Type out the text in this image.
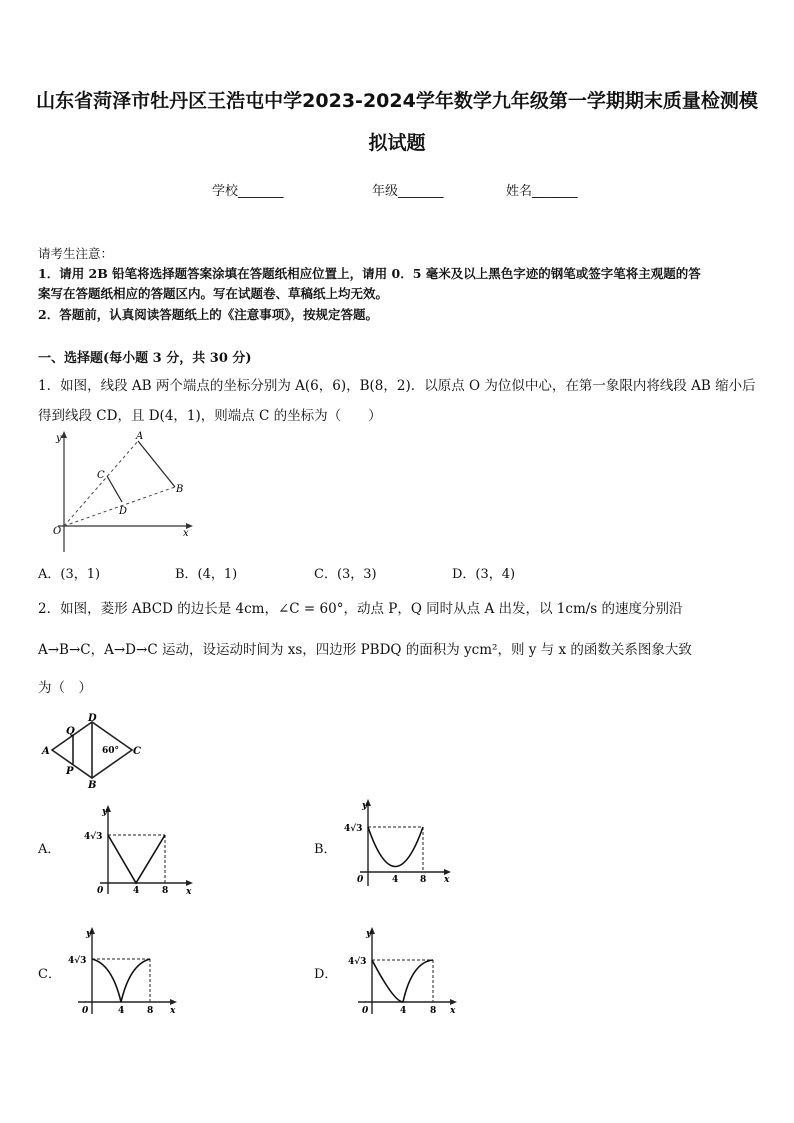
山东省菏泽市牡丹区王浩屯中学2023-2024学年数学九年级第一学期期末质量检测模
拟试题
学校_______	年级_______	姓名_______
请考生注意：
1．请用 2B 铅笔将选择题答案涂填在答题纸相应位置上，请用 0．5 毫米及以上黑色字迹的钢笔或签字笔将主观题的答
案写在答题纸相应的答题区内。写在试题卷、草稿纸上均无效。
2．答题前，认真阅读答题纸上的《注意事项》，按规定答题。
一、选择题(每小题 3 分，共 30 分)
1．如图，线段 AB 两个端点的坐标分别为 A(6，6)，B(8，2)．以原点 O 为位似中心，在第一象限内将线段 AB 缩小后
得到线段 CD，且 D(4，1)，则端点 C 的坐标为（　　）
y
x
O
A
B
C
D
A．(3，1)	B．(4，1)	C．(3，3)	D．(3，4)
2．如图，菱形 ABCD 的边长是 4cm，∠C = 60°，动点 P，Q 同时从点 A 出发，以 1cm/s 的速度分别沿
A→B→C，A→D→C 运动，设运动时间为 xs，四边形 PBDQ 的面积为 ycm²，则 y 与 x 的函数关系图象大致
为（　）
A
B
C
D
P
Q
60°
A．	B．
C．	D．
y
x
4√3
0	4	8
y
x
4√3
0	4 8
y
x
4√3
0	4	8
y
x
4√3
0	4	8
